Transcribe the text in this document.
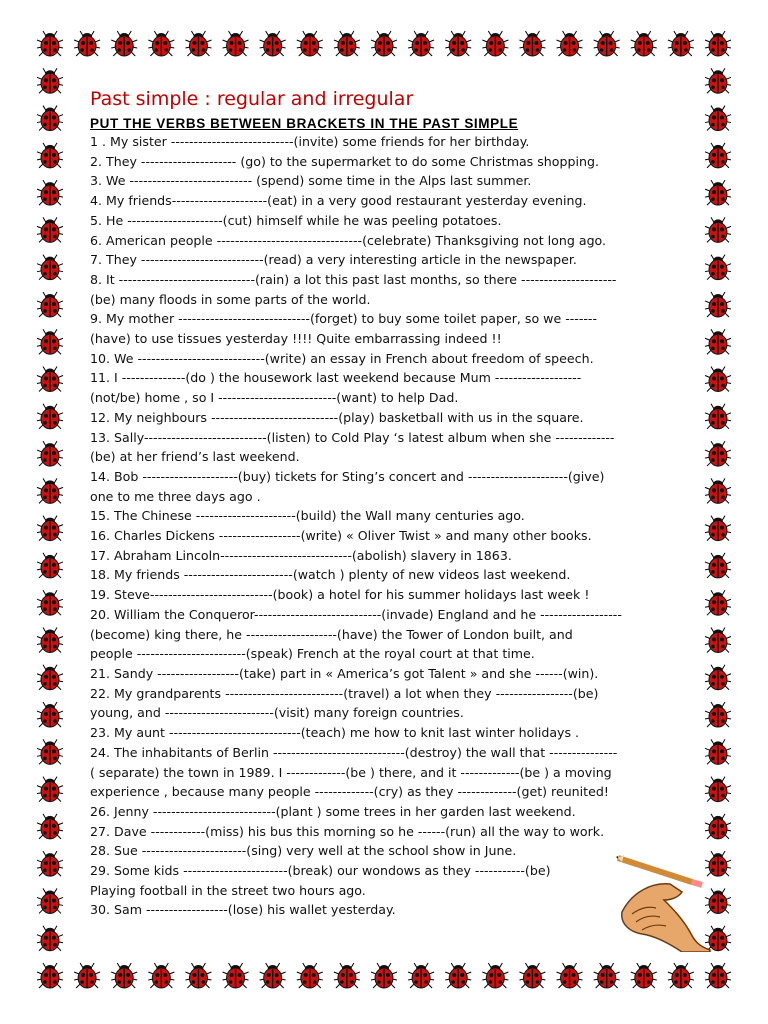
Past simple : regular and irregular
PUT THE VERBS BETWEEN BRACKETS IN THE PAST SIMPLE
1 . My sister ---------------------------(invite) some friends for her birthday.
2. They --------------------- (go) to the supermarket to do some Christmas shopping.
3. We --------------------------- (spend) some time in the Alps last summer.
4. My friends---------------------(eat) in a very good restaurant yesterday evening.
5. He ---------------------(cut) himself while he was peeling potatoes.
6. American people --------------------------------(celebrate) Thanksgiving not long ago.
7. They ---------------------------(read) a very interesting article in the newspaper.
8. It ------------------------------(rain) a lot this past last months, so there ---------------------
(be) many floods in some parts of the world.
9. My mother -----------------------------(forget) to buy some toilet paper, so we -------
(have) to use tissues yesterday !!!! Quite embarrassing indeed !!
10. We ----------------------------(write) an essay in French about freedom of speech.
11. I --------------(do ) the housework last weekend because Mum -------------------
(not/be) home , so I --------------------------(want) to help Dad.
12. My neighbours ----------------------------(play) basketball with us in the square.
13. Sally---------------------------(listen) to Cold Play ‘s latest album when she -------------
(be) at her friend’s last weekend.
14. Bob ---------------------(buy) tickets for Sting’s concert and ----------------------(give)
one to me three days ago .
15. The Chinese ----------------------(build) the Wall many centuries ago.
16. Charles Dickens ------------------(write) « Oliver Twist » and many other books.
17. Abraham Lincoln-----------------------------(abolish) slavery in 1863.
18. My friends ------------------------(watch ) plenty of new videos last weekend.
19. Steve---------------------------(book) a hotel for his summer holidays last week !
20. William the Conqueror----------------------------(invade) England and he ------------------
(become) king there, he --------------------(have) the Tower of London built, and
people ------------------------(speak) French at the royal court at that time.
21. Sandy ------------------(take) part in « America’s got Talent » and she ------(win).
22. My grandparents --------------------------(travel) a lot when they -----------------(be)
young, and ------------------------(visit) many foreign countries.
23. My aunt -----------------------------(teach) me how to knit last winter holidays .
24. The inhabitants of Berlin -----------------------------(destroy) the wall that ---------------
( separate) the town in 1989. I -------------(be ) there, and it -------------(be ) a moving
experience , because many people -------------(cry) as they -------------(get) reunited!
26. Jenny ---------------------------(plant ) some trees in her garden last weekend.
27. Dave ------------(miss) his bus this morning so he ------(run) all the way to work.
28. Sue -----------------------(sing) very well at the school show in June.
29. Some kids -----------------------(break) our wondows as they -----------(be)
Playing football in the street two hours ago.
30. Sam ------------------(lose) his wallet yesterday.
